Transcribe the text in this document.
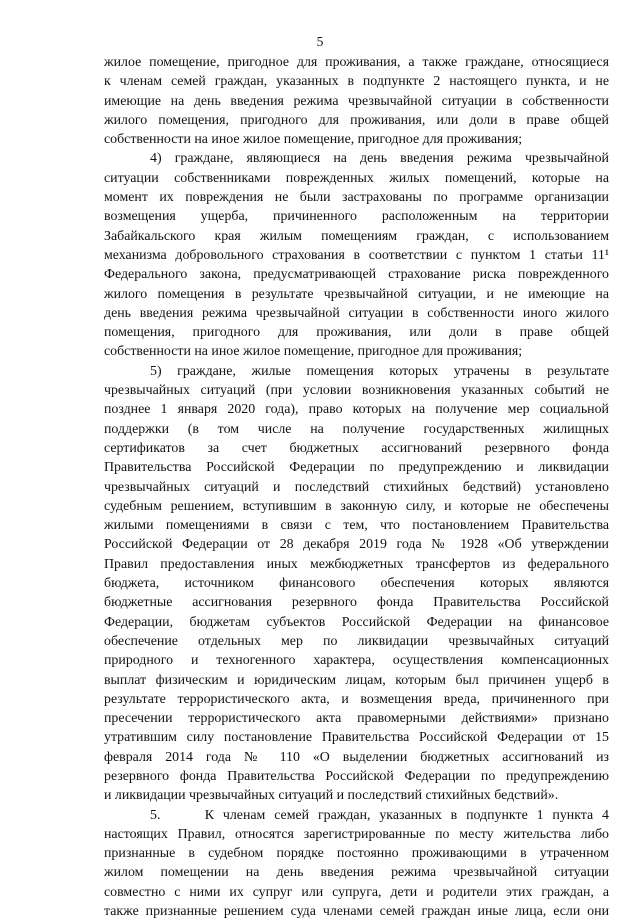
5
жилое помещение, пригодное для проживания, а также граждане, относящиеся
к членам семей граждан, указанных в подпункте 2 настоящего пункта, и не
имеющие на день введения режима чрезвычайной ситуации в собственности
жилого помещения, пригодного для проживания, или доли в праве общей
собственности на иное жилое помещение, пригодное для проживания;
4) граждане, являющиеся на день введения режима чрезвычайной
ситуации собственниками поврежденных жилых помещений, которые на
момент их повреждения не были застрахованы по программе организации
возмещения ущерба, причиненного расположенным на территории
Забайкальского края жилым помещениям граждан, с использованием
механизма добровольного страхования в соответствии с пунктом 1 статьи 11¹
Федерального закона, предусматривающей страхование риска поврежденного
жилого помещения в результате чрезвычайной ситуации, и не имеющие на
день введения режима чрезвычайной ситуации в собственности иного жилого
помещения, пригодного для проживания, или доли в праве общей
собственности на иное жилое помещение, пригодное для проживания;
5) граждане, жилые помещения которых утрачены в результате
чрезвычайных ситуаций (при условии возникновения указанных событий не
позднее 1 января 2020 года), право которых на получение мер социальной
поддержки (в том числе на получение государственных жилищных
сертификатов за счет бюджетных ассигнований резервного фонда
Правительства Российской Федерации по предупреждению и ликвидации
чрезвычайных ситуаций и последствий стихийных бедствий) установлено
судебным решением, вступившим в законную силу, и которые не обеспечены
жилыми помещениями в связи с тем, что постановлением Правительства
Российской Федерации от 28 декабря 2019 года № 1928 «Об утверждении
Правил предоставления иных межбюджетных трансфертов из федерального
бюджета, источником финансового обеспечения которых являются
бюджетные ассигнования резервного фонда Правительства Российской
Федерации, бюджетам субъектов Российской Федерации на финансовое
обеспечение отдельных мер по ликвидации чрезвычайных ситуаций
природного и техногенного характера, осуществления компенсационных
выплат физическим и юридическим лицам, которым был причинен ущерб в
результате террористического акта, и возмещения вреда, причиненного при
пресечении террористического акта правомерными действиями» признано
утратившим силу постановление Правительства Российской Федерации от 15
февраля 2014 года № 110 «О выделении бюджетных ассигнований из
резервного фонда Правительства Российской Федерации по предупреждению
и ликвидации чрезвычайных ситуаций и последствий стихийных бедствий».
5.     К членам семей граждан, указанных в подпункте 1 пункта 4
настоящих Правил, относятся зарегистрированные по месту жительства либо
признанные в судебном порядке постоянно проживающими в утраченном
жилом помещении на день введения режима чрезвычайной ситуации
совместно с ними их супруг или супруга, дети и родители этих граждан, а
также признанные решением суда членами семей граждан иные лица, если они
